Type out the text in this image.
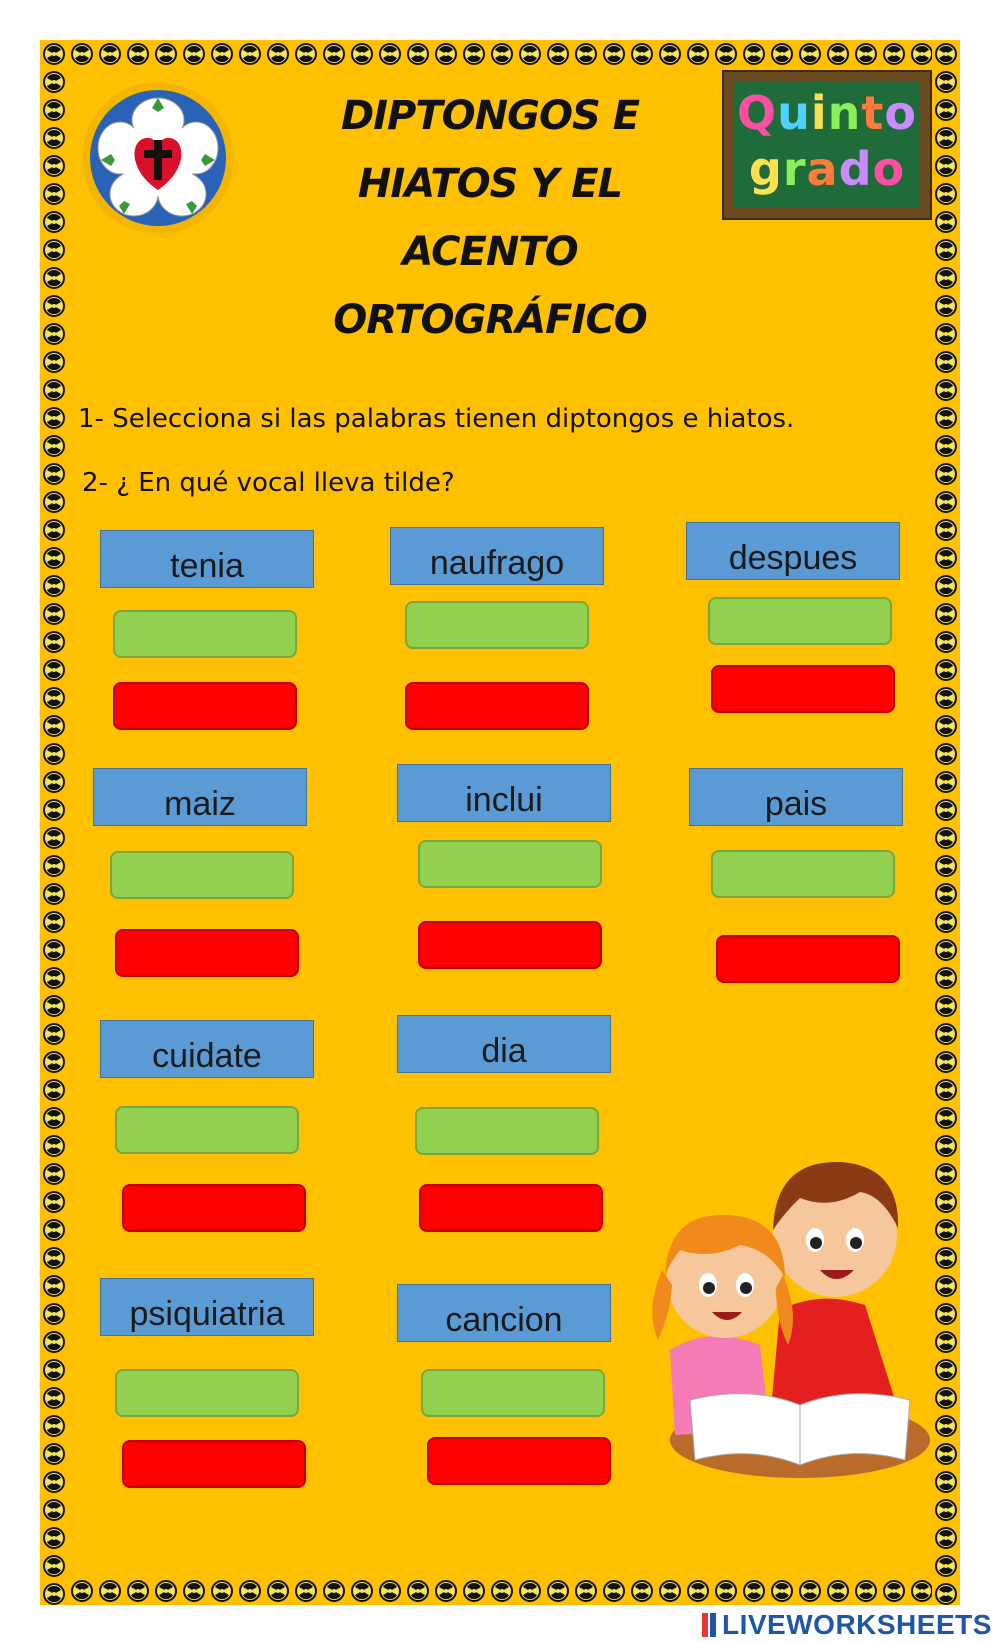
DIPTONGOS E
HIATOS Y EL
ACENTO
ORTOGRÁFICO
Quinto
grado
1- Selecciona si las palabras tienen diptongos e hiatos.
2- ¿ En qué vocal lleva tilde?
tenia	naufrago	despues
maiz	inclui	pais
cuidate	dia
psiquiatria	cancion
LIVEWORKSHEETS
